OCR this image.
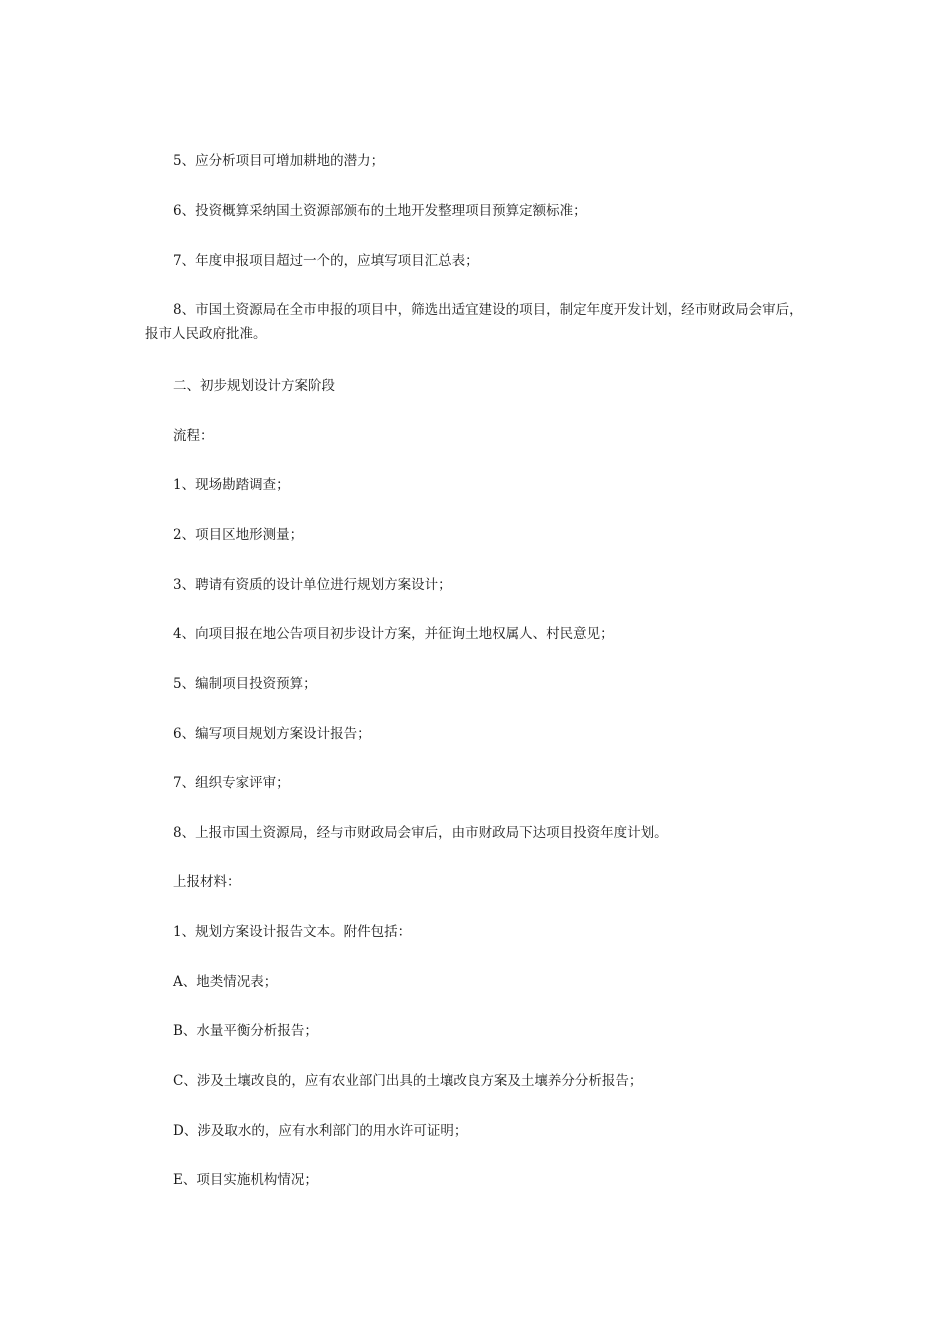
5、应分析项目可增加耕地的潜力；

6、投资概算采纳国土资源部颁布的土地开发整理项目预算定额标准；

7、年度申报项目超过一个的，应填写项目汇总表；

8、市国土资源局在全市申报的项目中，筛选出适宜建设的项目，制定年度开发计划，经市财政局会审后，报市人民政府批准。

二、初步规划设计方案阶段

流程：

1、现场勘踏调查；

2、项目区地形测量；

3、聘请有资质的设计单位进行规划方案设计；

4、向项目报在地公告项目初步设计方案，并征询土地权属人、村民意见；

5、编制项目投资预算；

6、编写项目规划方案设计报告；

7、组织专家评审；

8、上报市国土资源局，经与市财政局会审后，由市财政局下达项目投资年度计划。

上报材料：

1、规划方案设计报告文本。附件包括：

A、地类情况表；

B、水量平衡分析报告；

C、涉及土壤改良的，应有农业部门出具的土壤改良方案及土壤养分分析报告；

D、涉及取水的，应有水利部门的用水许可证明；

E、项目实施机构情况；
